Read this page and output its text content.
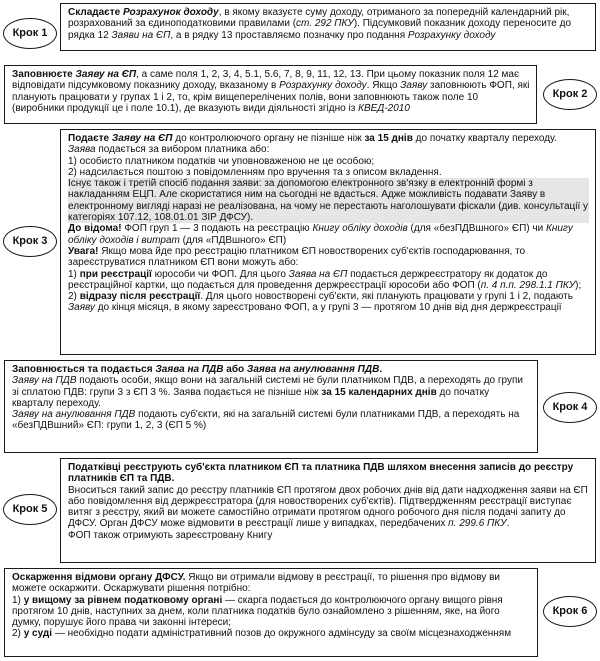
Крок 1

Складаєте Розрахунок доходу, в якому вказуєте суму доходу, отриманого за попередній календарний рік, розрахований за єдиноподатковими правилами (ст. 292 ПКУ). Підсумковий показник доходу переносите до рядка 12 Заяви на ЄП, а в рядку 13 проставляємо позначку про подання Розрахунку доходу

Заповнюєте Заяву на ЄП, а саме поля 1, 2, 3, 4, 5.1, 5.6, 7, 8, 9, 11, 12, 13. При цьому показник поля 12 має відповідати підсумковому показнику доходу, вказаному в Розрахунку доходу. Якщо Заяву заповнюють ФОП, які планують працювати у групах 1 і 2, то, крім вищеперелічених полів, вони заповнюють також поле 10 (виробники продукції це і поле 10.1), де вказують види діяльності згідно із КВЕД-2010

Крок 2
Крок 3

Подаєте Заяву на ЄП до контролюючого органу не пізніше ніж за 15 днів до початку кварталу переходу.

Заява подається за вибором платника або:

1) особисто платником податків чи уповноваженою не це особою;

2) надсилається поштою з повідомленням про вручення та з описом вкладення.

Існує також і третій спосіб подання заяви: за допомогою електронного зв'язку в електронній формі з накладанням ЕЦП. Але скористатися ним на сьогодні не вдасться. Адже можливість подавати Заяву в електронному вигляді наразі не реалізована, на чому не перестають наголошувати фіскали (див. консультації у категоріях 107.12, 108.01.01 ЗІР ДФСУ).

До відома! ФОП груп 1 — 3 подають на реєстрацію Книгу обліку доходів (для «безПДВшного» ЄП) чи Книгу обліку доходів і витрат (для «ПДВшного» ЄП)

Увага! Якщо мова йде про реєстрацію платником ЄП новостворених суб'єктів господарювання, то зареєструватися платником ЄП вони можуть або:

1) при реєстрації юрособи чи ФОП. Для цього Заява на ЄП подається держреєстратору як додаток до реєстраційної картки, що подається для проведення держреєстрації юрособи або ФОП (п. 4 п.п. 298.1.1 ПКУ);

2) відразу після реєстрації. Для цього новостворені суб'єкти, які планують працювати у групі 1 і 2, подають Заяву до кінця місяця, в якому зареєстровано ФОП, а у групі 3 — протягом 10 днів від дня держреєстрації

Заповнюється та подається Заява на ПДВ або Заява на анулювання ПДВ.

Заяву на ПДВ подають особи, якщо вони на загальній системі не були платником ПДВ, а переходять до групи зі сплатою ПДВ: групи 3 з ЄП 3 %. Заява подається не пізніше ніж за 15 календарних днів до початку кварталу переходу.

Заяву на анулювання ПДВ подають суб'єкти, які на загальній системі були платниками ПДВ, а переходять на «безПДВшний» ЄП: групи 1, 2, 3 (ЄП 5 %)

Крок 4
Крок 5

Податківці реєструють суб'єкта платником ЄП та платника ПДВ шляхом внесення записів до реєстру платників ЄП та ПДВ.

Вноситься такий запис до реєстру платників ЄП протягом двох робочих днів від дати надходження заяви на ЄП або повідомлення від держреєстратора (для новостворених суб'єктів). Підтвердженням реєстрації виступає витяг з реєстру, який ви можете самостійно отримати протягом одного робочого дня після подачі запиту до ДФСУ. Орган ДФСУ може відмовити в реєстрації лише у випадках, передбачених п. 299.6 ПКУ.

ФОП також отримують зареєстровану Книгу

Оскарження відмови органу ДФСУ. Якщо ви отримали відмову в реєстрації, то рішення про відмову ви можете оскаржити. Оскаржувати рішення потрібно:

1) у вищому за рівнем податковому органі — скарга подається до контролюючого органу вищого рівня протягом 10 днів, наступних за днем, коли платника податків було ознайомлено з рішенням, яке, на його думку, порушує його права чи законні інтереси;

2) у суді — необхідно подати адміністративний позов до окружного адмінсуду за своїм місцезнаходженням

Крок 6
